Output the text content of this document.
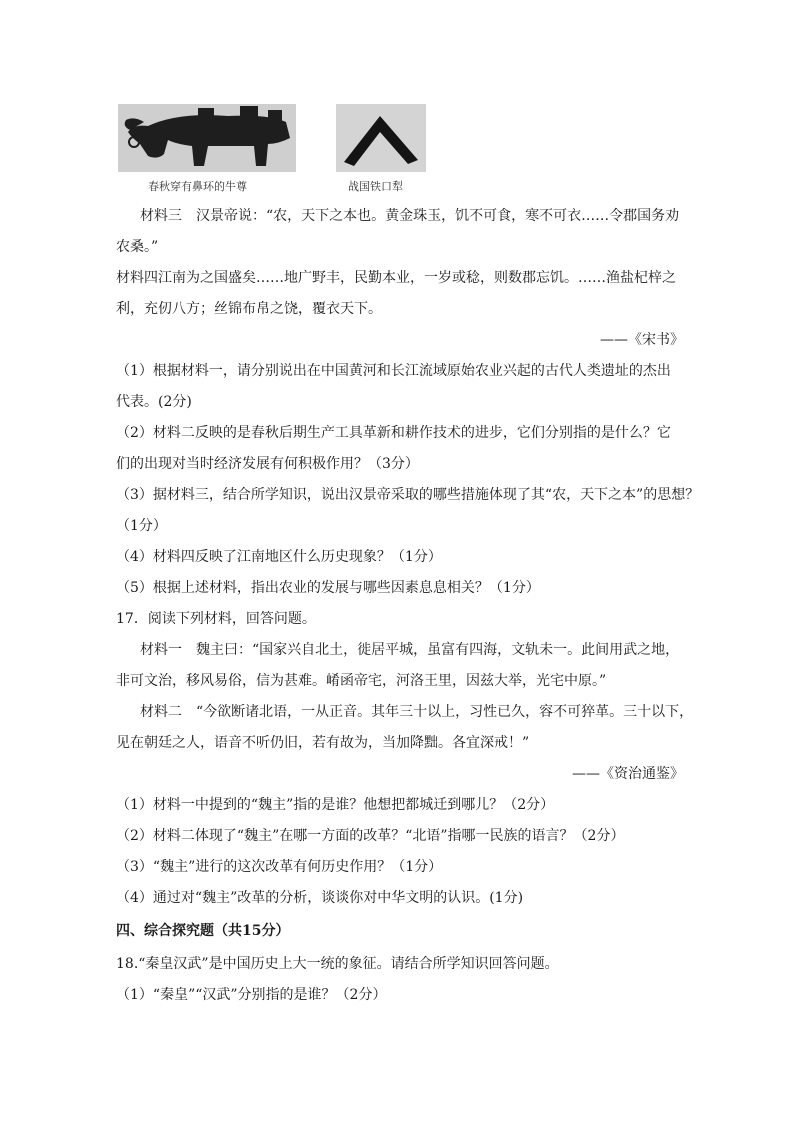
春秋穿有鼻环的牛尊	战国铁口犁
材料三　汉景帝说：“农，天下之本也。黄金珠玉，饥不可食，寒不可衣……令郡国务劝
农桑。”
材料四江南为之国盛矣……地广野丰，民勤本业，一岁或稔，则数郡忘饥。……渔盐杞梓之
利，充仞八方；丝锦布帛之饶，覆衣天下。
——《宋书》
（1）根据材料一，请分别说出在中国黄河和长江流域原始农业兴起的古代人类遗址的杰出
代表。(2分)
（2）材料二反映的是春秋后期生产工具革新和耕作技术的进步，它们分别指的是什么？它
们的出现对当时经济发展有何积极作用？（3分）
（3）据材料三，结合所学知识，说出汉景帝采取的哪些措施体现了其“农，天下之本”的思想？
（1分）
（4）材料四反映了江南地区什么历史现象？（1分）
（5）根据上述材料，指出农业的发展与哪些因素息息相关？（1分）
17．阅读下列材料，回答问题。
材料一　魏主曰：“国家兴自北土，徙居平城，虽富有四海，文轨未一。此间用武之地，
非可文治，移风易俗，信为甚难。崤函帝宅，河洛王里，因兹大举，光宅中原。”
材料二　“今欲断诸北语，一从正音。其年三十以上，习性已久，容不可猝革。三十以下，
见在朝廷之人，语音不听仍旧，若有故为，当加降黜。各宜深戒！”
——《资治通鉴》
（1）材料一中提到的“魏主”指的是谁？他想把都城迁到哪儿？（2分）
（2）材料二体现了“魏主”在哪一方面的改革？“北语”指哪一民族的语言？（2分）
（3）“魏主”进行的这次改革有何历史作用？（1分）
（4）通过对“魏主”改革的分析，谈谈你对中华文明的认识。(1分)
四、综合探究题（共15分）
18.“秦皇汉武”是中国历史上大一统的象征。请结合所学知识回答问题。
（1）“秦皇”“汉武”分别指的是谁？（2分）
